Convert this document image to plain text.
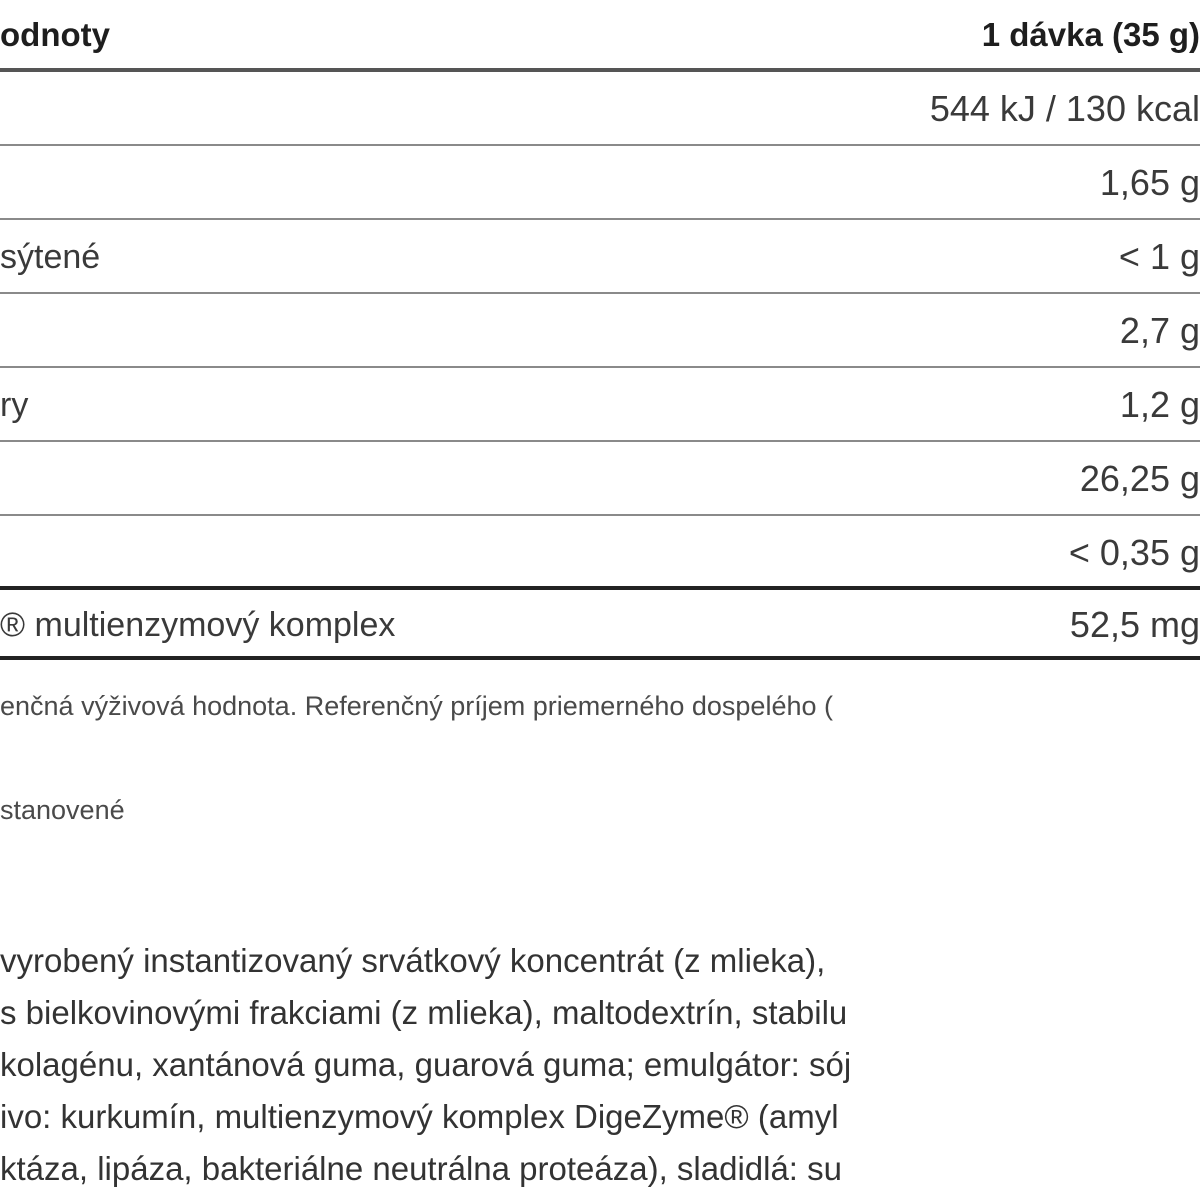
odnoty	1 dávka (35 g)
544 kJ / 130 kcal
1,65 g
sýtené	< 1 g
2,7 g
ry	1,2 g
26,25 g
< 0,35 g
® multienzymový komplex	52,5 mg
enčná výživová hodnota. Referenčný príjem priemerného dospelého (
stanovené
vyrobený instantizovaný srvátkový koncentrát (z mlieka),
s bielkovinovými frakciami (z mlieka), maltodextrín, stabilu
kolagénu, xantánová guma, guarová guma; emulgátor: sój
ivo: kurkumín, multienzymový komplex DigeZyme® (amyl
ktáza, lipáza, bakteriálne neutrálna proteáza), sladidlá: su
